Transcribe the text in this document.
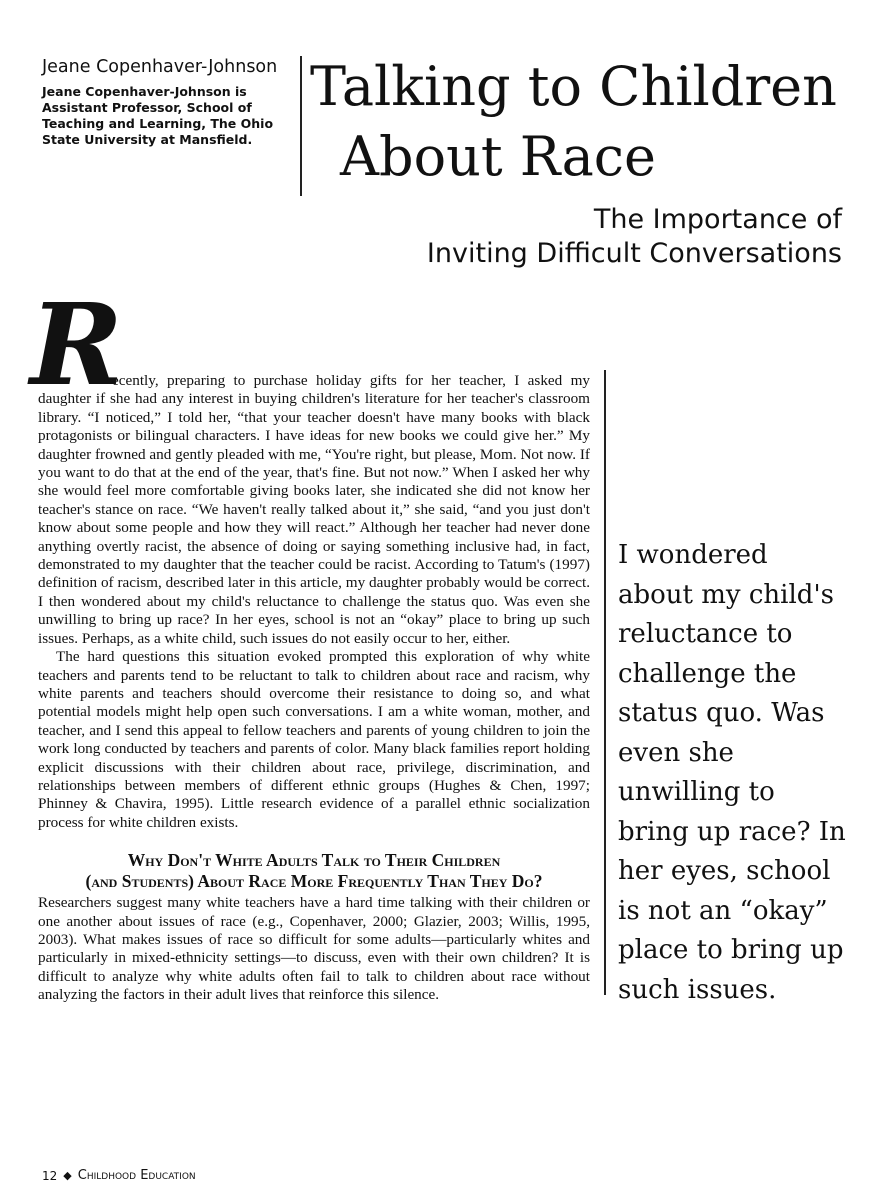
Jeane Copenhaver-Johnson

Jeane Copenhaver-Johnson is Assistant Professor, School of Teaching and Learning, The Ohio State University at Mansfield.

Talking to Children
About Race
The Importance of
Inviting Difficult Conversations
R

ecently, preparing to purchase holiday gifts for her teacher, I asked my daughter if she had any interest in buying children's literature for her teacher's classroom library. “I noticed,” I told her, “that your teacher doesn't have many books with black protagonists or bilingual characters. I have ideas for new books we could give her.” My daughter frowned and gently pleaded with me, “You're right, but please, Mom. Not now. If you want to do that at the end of the year, that's fine. But not now.” When I asked her why she would feel more comfortable giving books later, she indicated she did not know her teacher's stance on race. “We haven't really talked about it,” she said, “and you just don't know about some people and how they will react.” Although her teacher had never done anything overtly racist, the absence of doing or saying something inclusive had, in fact, demonstrated to my daughter that the teacher could be racist. According to Tatum's (1997) definition of racism, described later in this article, my daughter probably would be correct. I then wondered about my child's reluctance to challenge the status quo. Was even she unwilling to bring up race? In her eyes, school is not an “okay” place to bring up such issues. Perhaps, as a white child, such issues do not easily occur to her, either.

The hard questions this situation evoked prompted this exploration of why white teachers and parents tend to be reluctant to talk to children about race and racism, why white parents and teachers should overcome their resistance to doing so, and what potential models might help open such conversations. I am a white woman, mother, and teacher, and I send this appeal to fellow teachers and parents of young children to join the work long conducted by teachers and parents of color. Many black families report holding explicit discussions with their children about race, privilege, discrimination, and relationships between members of different ethnic groups (Hughes & Chen, 1997; Phinney & Chavira, 1995). Little research evidence of a parallel ethnic socialization process for white children exists.

Why Don't White Adults Talk to Their Children
(and Students) About Race More Frequently Than They Do?

Researchers suggest many white teachers have a hard time talking with their children or one another about issues of race (e.g., Copenhaver, 2000; Glazier, 2003; Willis, 1995, 2003). What makes issues of race so difficult for some adults—particularly whites and particularly in mixed-ethnicity settings—to discuss, even with their own children? It is difficult to analyze why white adults often fail to talk to children about race without analyzing the factors in their adult lives that reinforce this silence.

I wondered about my child's reluctance to challenge the status quo. Was even she unwilling to bring up race? In her eyes, school is not an “okay” place to bring up such issues.

12 ◆ Childhood Education
